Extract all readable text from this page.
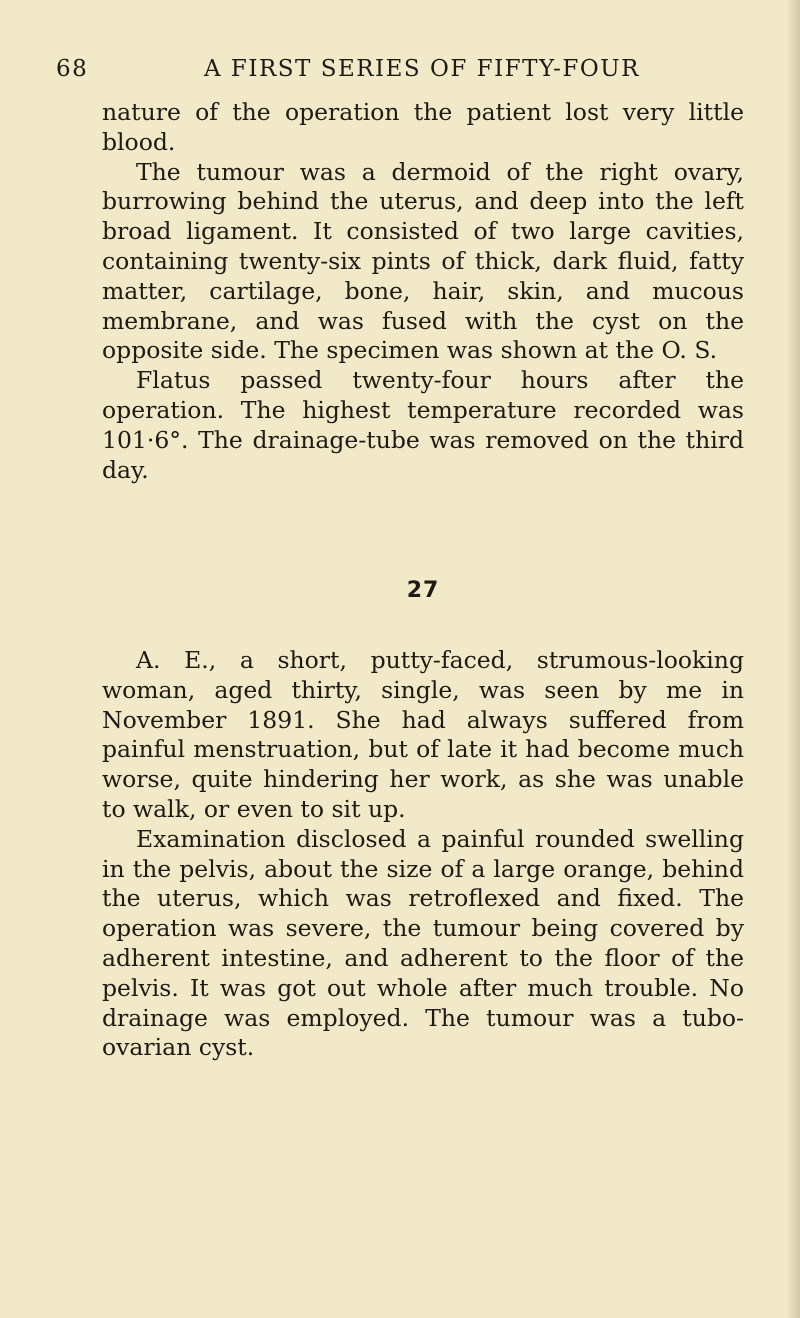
68	A FIRST SERIES OF FIFTY-FOUR

nature of the operation the patient lost very little blood.

The tumour was a dermoid of the right ovary, burrowing behind the uterus, and deep into the left broad ligament. It consisted of two large cavities, containing twenty-six pints of thick, dark fluid, fatty matter, cartilage, bone, hair, skin, and mucous membrane, and was fused with the cyst on the opposite side. The specimen was shown at the O. S.

Flatus passed twenty-four hours after the operation. The highest temperature recorded was 101·6°. The drainage-tube was removed on the third day.

27

A. E., a short, putty-faced, strumous-looking woman, aged thirty, single, was seen by me in November 1891. She had always suffered from painful menstruation, but of late it had become much worse, quite hindering her work, as she was unable to walk, or even to sit up.

Examination disclosed a painful rounded swelling in the pelvis, about the size of a large orange, behind the uterus, which was retroflexed and fixed. The operation was severe, the tumour being covered by adherent intestine, and adherent to the floor of the pelvis. It was got out whole after much trouble. No drainage was employed. The tumour was a tubo-ovarian cyst.
